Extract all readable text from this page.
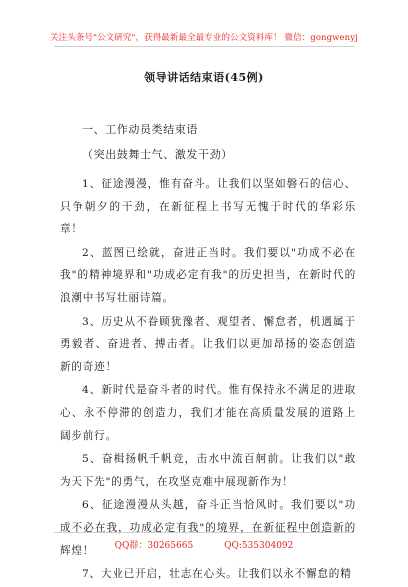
关注头条号"公文研究"，获得最新最全最专业的公文资料库！ 微信：gongwenyj
领导讲话结束语(45例)
一、工作动员类结束语
（突出鼓舞士气、激发干劲）

1、征途漫漫，惟有奋斗。让我们以坚如磐石的信心、只争朝夕的干劲，在新征程上书写无愧于时代的华彩乐章！

2、蓝图已绘就，奋进正当时。我们要以"功成不必在我"的精神境界和"功成必定有我"的历史担当，在新时代的浪潮中书写壮丽诗篇。

3、历史从不眷顾犹豫者、观望者、懈怠者，机遇属于勇毅者、奋进者、搏击者。让我们以更加昂扬的姿态创造新的奇迹！

4、新时代是奋斗者的时代。惟有保持永不满足的进取心、永不停滞的创造力，我们才能在高质量发展的道路上阔步前行。

5、奋楫扬帆千帆竞，击水中流百舸前。让我们以"敢为天下先"的勇气，在攻坚克难中展现新作为！

6、征途漫漫从头越，奋斗正当恰风时。我们要以"功成不必在我，功成必定有我"的境界，在新征程中创造新的辉煌！

7、大业已开启，壮志在心头。让我们以永不懈怠的精

QQ群：30265665	QQ:535304092
